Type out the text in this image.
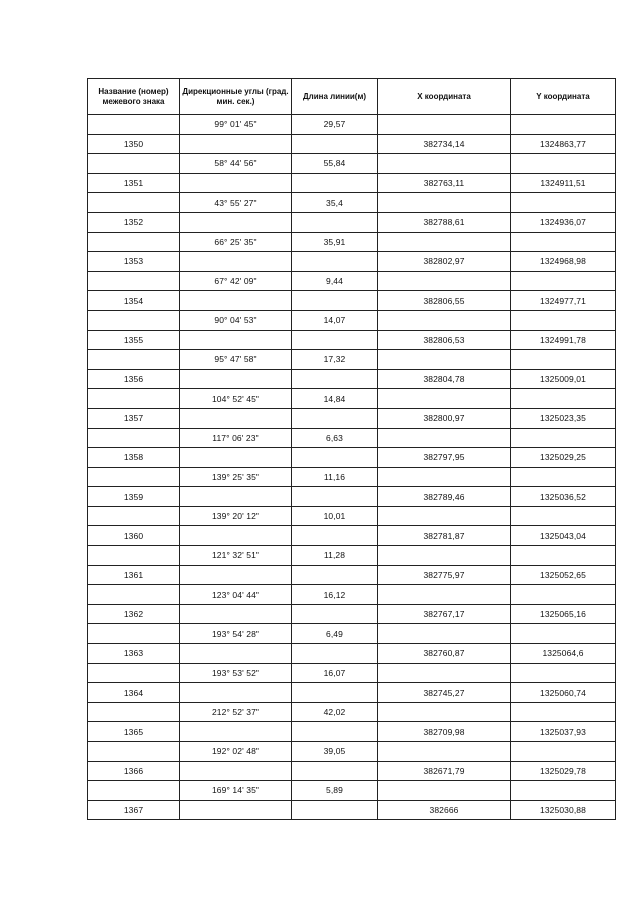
Название (номер) межевого знака	Дирекционные углы (град. мин. сек.)	Длина линии(м)	X координата	Y координата
	99° 01' 45"	29,57		
1350			382734,14	1324863,77
	58° 44' 56"	55,84		
1351			382763,11	1324911,51
	43° 55' 27"	35,4		
1352			382788,61	1324936,07
	66° 25' 35"	35,91		
1353			382802,97	1324968,98
	67° 42' 09"	9,44		
1354			382806,55	1324977,71
	90° 04' 53"	14,07		
1355			382806,53	1324991,78
	95° 47' 58"	17,32		
1356			382804,78	1325009,01
	104° 52' 45"	14,84		
1357			382800,97	1325023,35
	117° 06' 23"	6,63		
1358			382797,95	1325029,25
	139° 25' 35"	11,16		
1359			382789,46	1325036,52
	139° 20' 12"	10,01		
1360			382781,87	1325043,04
	121° 32' 51"	11,28		
1361			382775,97	1325052,65
	123° 04' 44"	16,12		
1362			382767,17	1325065,16
	193° 54' 28"	6,49		
1363			382760,87	1325064,6
	193° 53' 52"	16,07		
1364			382745,27	1325060,74
	212° 52' 37"	42,02		
1365			382709,98	1325037,93
	192° 02' 48"	39,05		
1366			382671,79	1325029,78
	169° 14' 35"	5,89		
1367			382666	1325030,88
